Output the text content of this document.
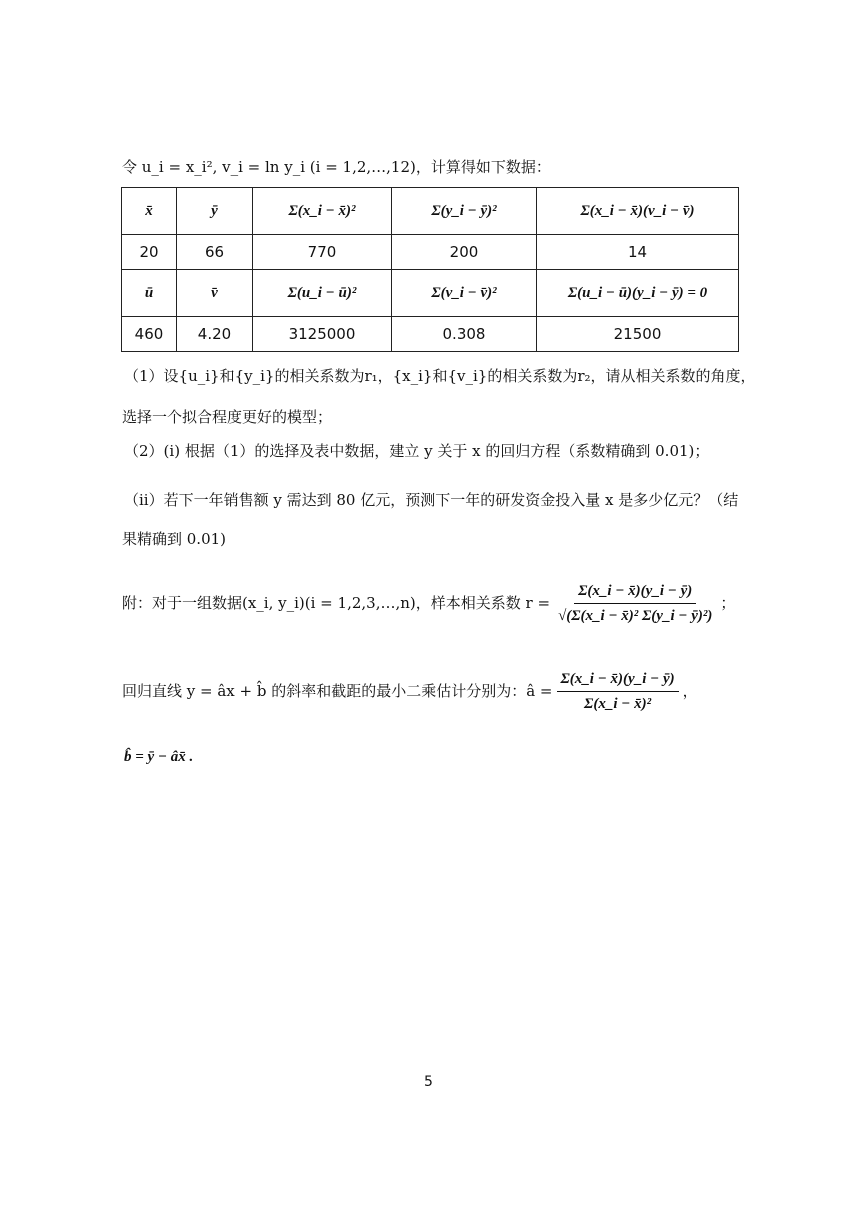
令 u_i = x_i², v_i = ln y_i (i = 1,2,…,12)，计算得如下数据：
x̄	ȳ	Σ(x_i − x̄)²	Σ(y_i − ȳ)²	Σ(x_i − x̄)(v_i − v̄)
20	66	770	200	14
ū	v̄	Σ(u_i − ū)²	Σ(v_i − v̄)²	Σ(u_i − ū)(y_i − ȳ) = 0
460	4.20	3125000	0.308	21500
（1）设{u_i}和{y_i}的相关系数为r₁，{x_i}和{v_i}的相关系数为r₂，请从相关系数的角度，
选择一个拟合程度更好的模型；
（2）(i) 根据（1）的选择及表中数据，建立 y 关于 x 的回归方程（系数精确到 0.01)；
（ii）若下一年销售额 y 需达到 80 亿元，预测下一年的研发资金投入量 x 是多少亿元？（结
果精确到 0.01)
附：对于一组数据(x_i, y_i)(i = 1,2,3,…,n)，样本相关系数 $r = \frac{\Sigma(x\_i - x̄)(y\_i - ȳ)}{\text{√(Σ(x\_i − x̄)² Σ(y\_i − ȳ)²)}}$ ；
回归直线 y = âx + b̂ 的斜率和截距的最小二乘估计分别为：â = $\frac{\Sigma(x\_i - x̄)(y\_i - ȳ)}{\text{Σ(x\_i − x̄)²}}$ ，
b̂ = ȳ − âx̄ .
5
